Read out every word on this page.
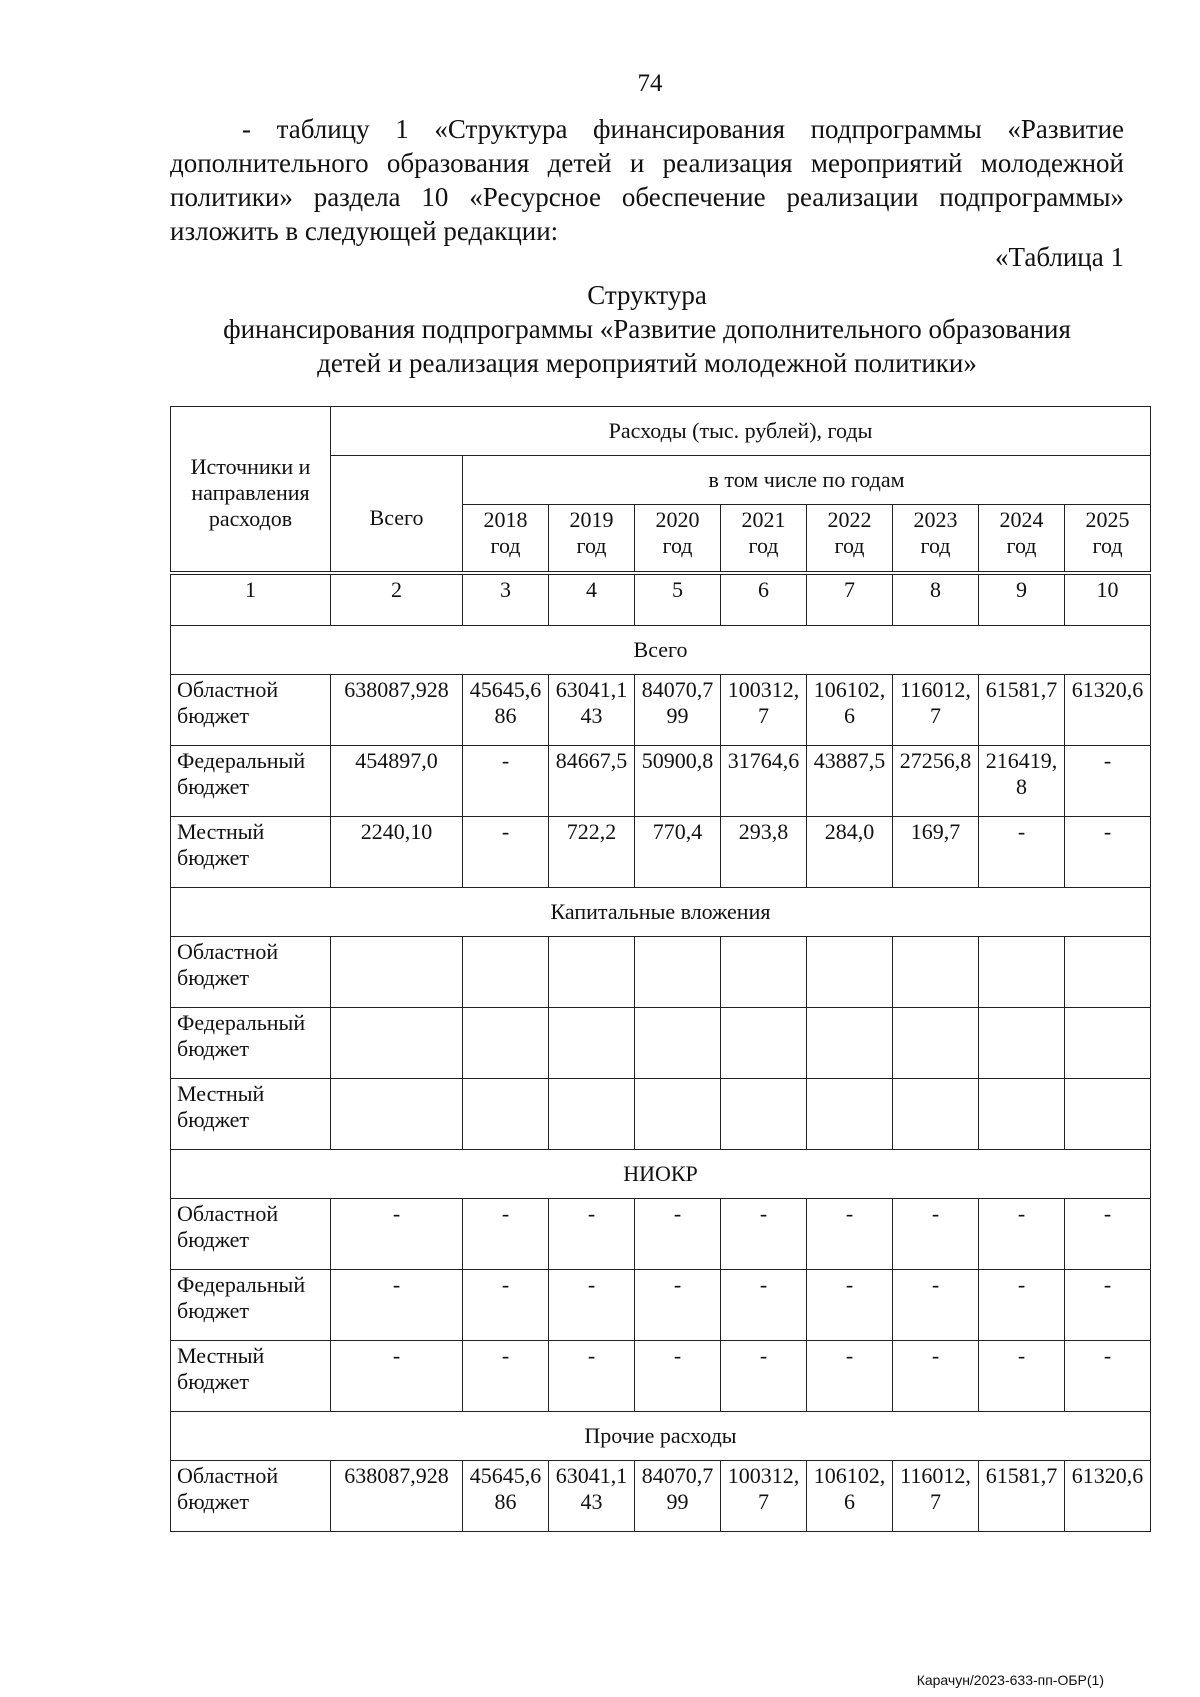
74

- таблицу 1 «Структура финансирования подпрограммы «Развитие дополнительного образования детей и реализация мероприятий молодежной политики» раздела 10 «Ресурсное обеспечение реализации подпрограммы» изложить в следующей редакции:

«Таблица 1
Структура
финансирования подпрограммы «Развитие дополнительного образования
детей и реализация мероприятий молодежной политики»
Источники и направления расходов	Расходы (тыс. рублей), годы								
	Всего	в том числе по годам							
		2018 год	2019 год	2020 год	2021 год	2022 год	2023 год	2024 год	2025 год
1	2	3	4	5	6	7	8	9	10
Всего									
Областной бюджет	638087,928	45645,6 86	63041,1 43	84070,7 99	100312, 7	106102, 6	116012, 7	61581,7	61320,6
Федеральный бюджет	454897,0	-	84667,5	50900,8	31764,6	43887,5	27256,8	216419, 8	-
Местный бюджет	2240,10	-	722,2	770,4	293,8	284,0	169,7	-	-
Капитальные вложения									
Областной бюджет									
Федеральный бюджет									
Местный бюджет									
НИОКР									
Областной бюджет	-	-	-	-	-	-	-	-	-
Федеральный бюджет	-	-	-	-	-	-	-	-	-
Местный бюджет	-	-	-	-	-	-	-	-	-
Прочие расходы									
Областной бюджет	638087,928	45645,6 86	63041,1 43	84070,7 99	100312, 7	106102, 6	116012, 7	61581,7	61320,6
Карачун/2023-633-пп-ОБР(1)
